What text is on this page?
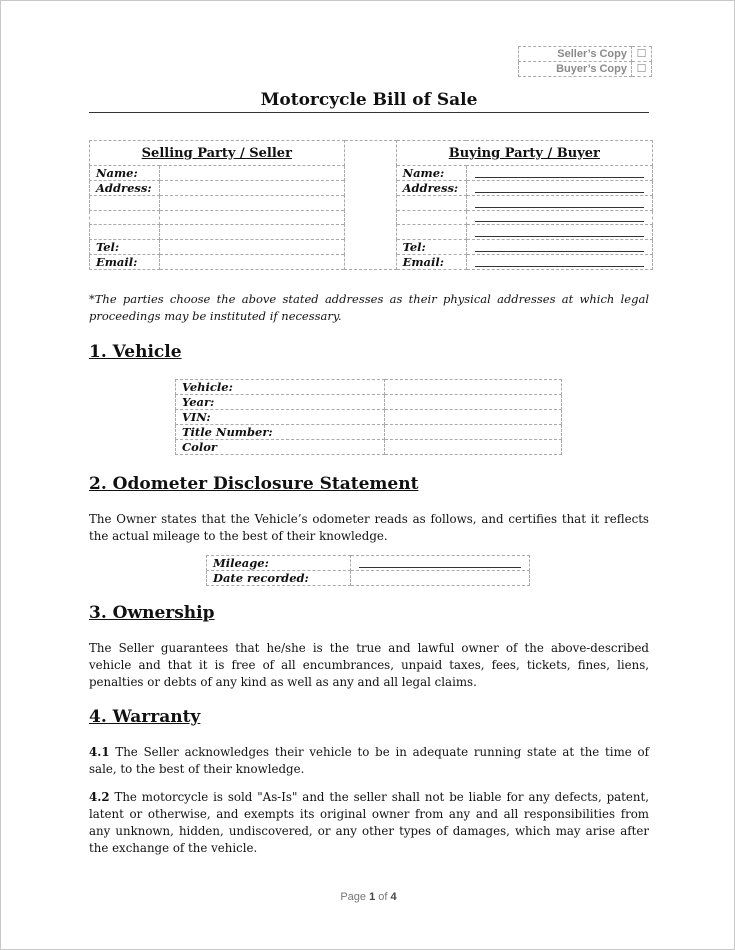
Seller’s Copy	☐
Buyer’s Copy	☐
Motorcycle Bill of Sale
Selling Party / Seller			Buying Party / Buyer	
Name:			Name:	

Address:			Address:	

Tel:			Tel:	

Email:			Email:	
*The parties choose the above stated addresses as their physical addresses at which legal proceedings may be instituted if necessary.
1. Vehicle
Vehicle:	
Year:	
VIN:	
Title Number:	
Color	
2. Odometer Disclosure Statement

The Owner states that the Vehicle’s odometer reads as follows, and certifies that it reflects the actual mileage to the best of their knowledge.

Mileage:	

Date recorded:	
3. Ownership

The Seller guarantees that he/she is the true and lawful owner of the above-described vehicle and that it is free of all encumbrances, unpaid taxes, fees, tickets, fines, liens, penalties or debts of any kind as well as any and all legal claims.

4. Warranty

4.1 The Seller acknowledges their vehicle to be in adequate running state at the time of sale, to the best of their knowledge.

4.2 The motorcycle is sold "As-Is" and the seller shall not be liable for any defects, patent, latent or otherwise, and exempts its original owner from any and all responsibilities from any unknown, hidden, undiscovered, or any other types of damages, which may arise after the exchange of the vehicle.

Page 1 of 4
